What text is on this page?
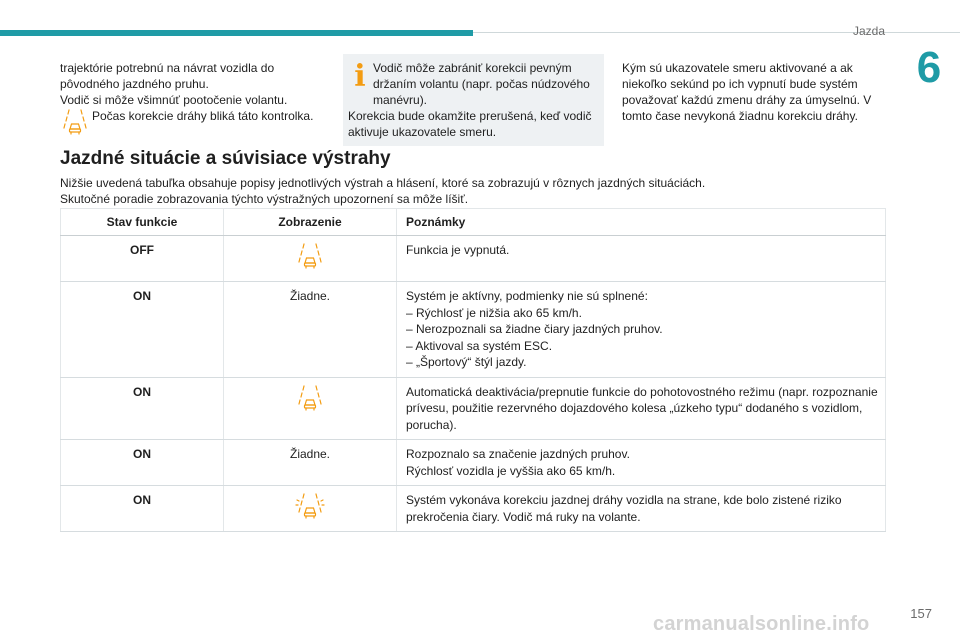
Jazda
6
trajektórie potrebnú na návrat vozidla do pôvodného jazdného pruhu.
Vodič si môže všimnúť pootočenie volantu.
Počas korekcie dráhy bliká táto kontrolka.
i Vodič môže zabrániť korekcii pevným držaním volantu (napr. počas núdzového manévru).
Korekcia bude okamžite prerušená, keď vodič aktivuje ukazovatele smeru.
Kým sú ukazovatele smeru aktivované a ak niekoľko sekúnd po ich vypnutí bude systém považovať každú zmenu dráhy za úmyselnú. V tomto čase nevykoná žiadnu korekciu dráhy.
Jazdné situácie a súvisiace výstrahy
Nižšie uvedená tabuľka obsahuje popisy jednotlivých výstrah a hlásení, ktoré sa zobrazujú v rôznych jazdných situáciách.
Skutočné poradie zobrazovania týchto výstražných upozornení sa môže líšiť.
Stav funkcie	Zobrazenie	Poznámky
OFF		Funkcia je vypnutá.

ON	Žiadne.	Systém je aktívny, podmienky nie sú splnené:
– Rýchlosť je nižšia ako 65 km/h.
– Nerozpoznali sa žiadne čiary jazdných pruhov.
– Aktivoval sa systém ESC.
– „Športový“ štýl jazdy.

ON		Automatická deaktivácia/prepnutie funkcie do pohotovostného režimu (napr. rozpoznanie prívesu, použitie rezervného dojazdového kolesa „úzkeho typu“ dodaného s vozidlom, porucha).

ON	Žiadne.	Rozpoznalo sa značenie jazdných pruhov.
Rýchlosť vozidla je vyššia ako 65 km/h.

ON		Systém vykonáva korekciu jazdnej dráhy vozidla na strane, kde bolo zistené riziko prekročenia čiary. Vodič má ruky na volante.
157
carmanualsonline.info
